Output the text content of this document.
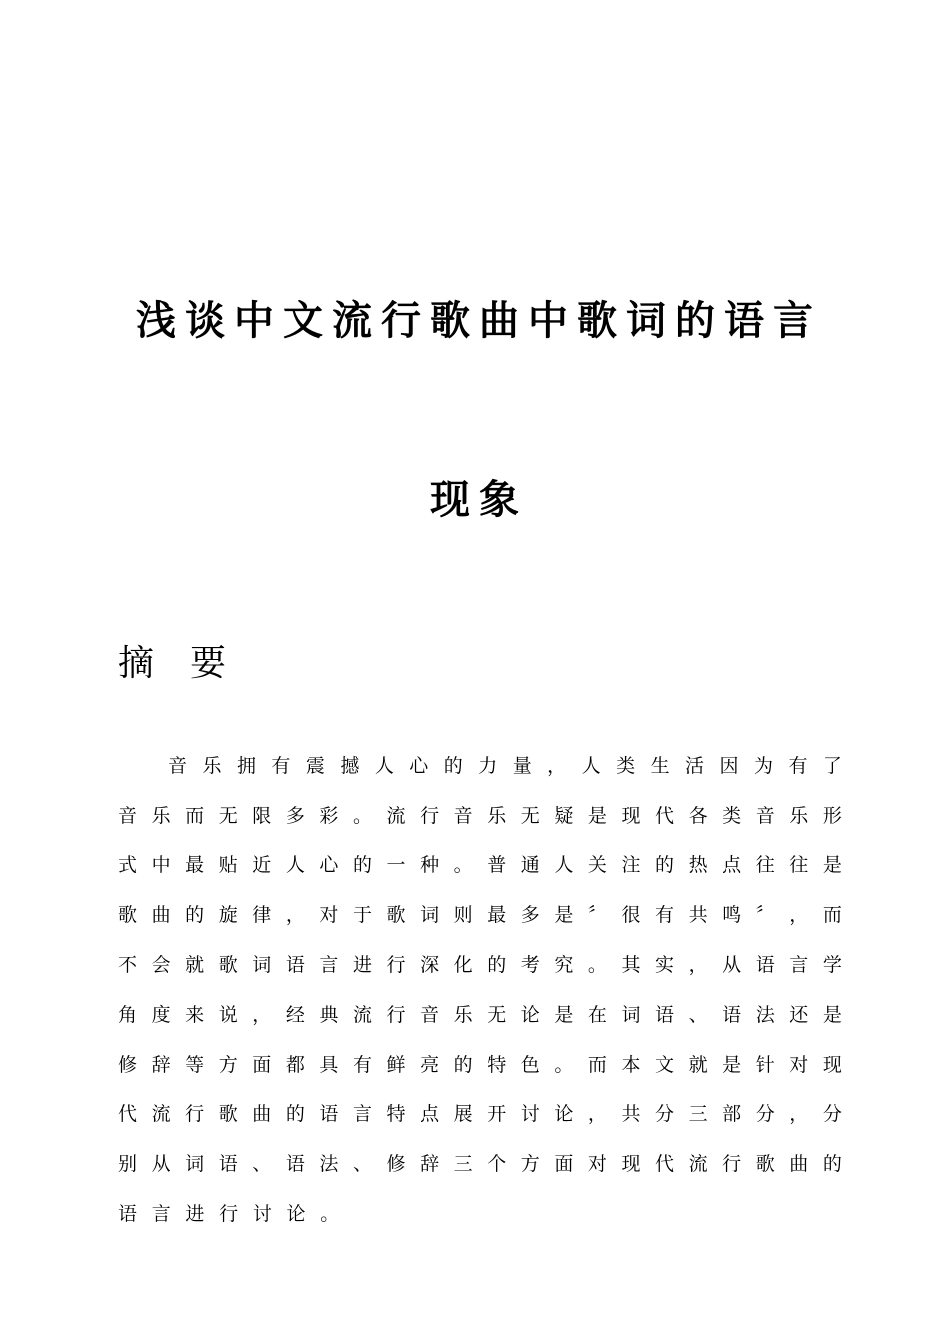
浅谈中文流行歌曲中歌词的语言
现象
摘　要

音 乐 拥 有 震 撼 人 心 的 力 量 ， 人 类 生 活 因 为 有 了

音 乐 而 无 限 多 彩 。 流 行 音 乐 无 疑 是 现 代 各 类 音 乐 形

式 中 最 贴 近 人 心 的 一 种 。 普 通 人 关 注 的 热 点 往 往 是

歌 曲 的 旋 律 ， 对 于 歌 词 则 最 多 是 〞 很 有 共 鸣 〞 ， 而

不 会 就 歌 词 语 言 进 行 深 化 的 考 究 。 其 实 ， 从 语 言 学

角 度 来 说 ， 经 典 流 行 音 乐 无 论 是 在 词 语 、 语 法 还 是

修 辞 等 方 面 都 具 有 鲜 亮 的 特 色 。 而 本 文 就 是 针 对 现

代 流 行 歌 曲 的 语 言 特 点 展 开 讨 论 ， 共 分 三 部 分 ， 分

别 从 词 语 、 语 法 、 修 辞 三 个 方 面 对 现 代 流 行 歌 曲 的

语 言 进 行 讨 论 。
